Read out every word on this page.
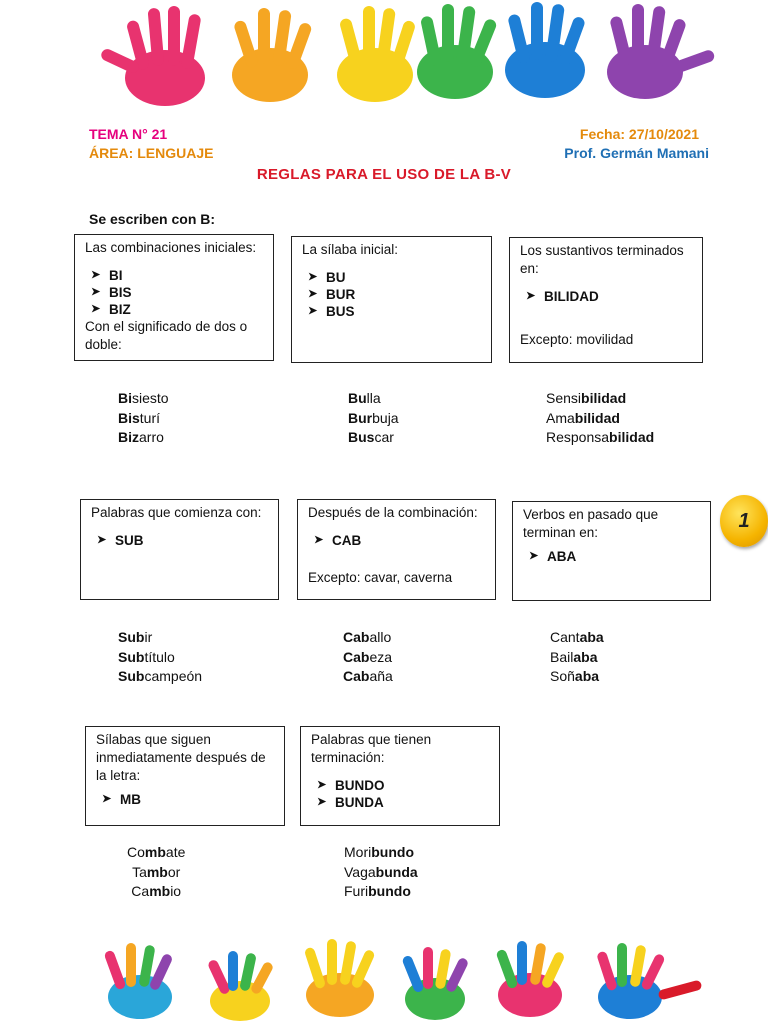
TEMA N° 21
ÁREA: LENGUAJE
Fecha: 27/10/2021
Prof. Germán Mamani
REGLAS PARA EL USO DE LA B-V
Se escriben con B:
Las combinaciones iniciales:
➤ BI
➤ BIS
➤ BIZ
Con el significado de dos o doble:
La sílaba inicial:
➤ BU
➤ BUR
➤ BUS
Los sustantivos terminados en:
➤ BILIDAD
Excepto: movilidad
Bisiesto
Bisturí
Bizarro
Bulla
Burbuja
Buscar
Sensibilidad
Amabilidad
Responsabilidad
Palabras que comienza con:
➤ SUB
Después de la combinación:
➤ CAB
Excepto: cavar, caverna
Verbos en pasado que terminan en:
➤ ABA
1
Subir
Subtítulo
Subcampeón
Caballo
Cabeza
Cabaña
Cantaba
Bailaba
Soñaba
Sílabas que siguen inmediatamente después de la letra:
➤ MB
Palabras que tienen terminación:
➤ BUNDO
➤ BUNDA
Combate
Tambor
Cambio
Moribundo
Vagabunda
Furibundo
